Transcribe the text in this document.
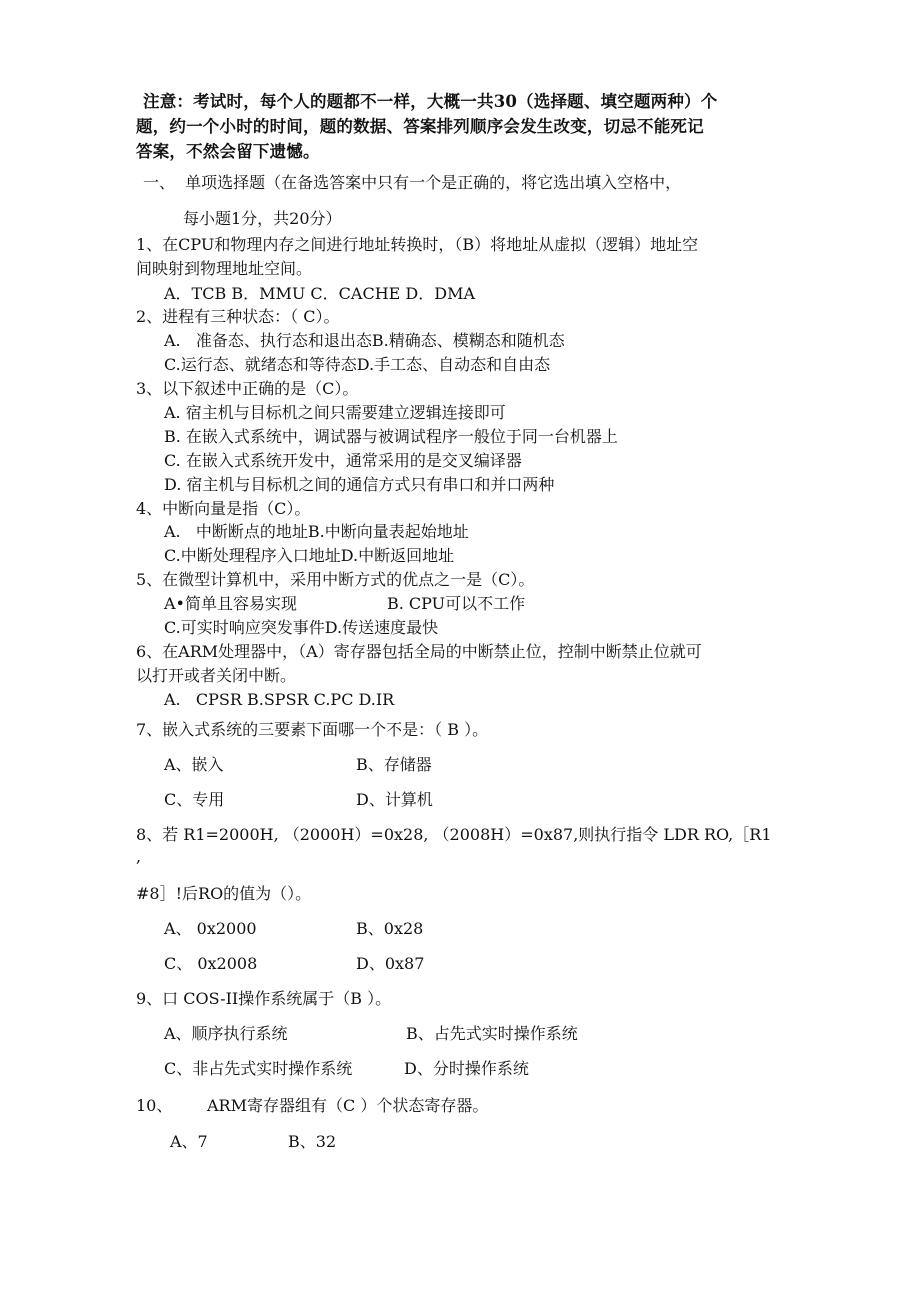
注意：考试时，每个人的题都不一样，大概一共30（选择题、填空题两种）个
题，约一个小时的时间，题的数据、答案排列顺序会发生改变，切忌不能死记
答案，不然会留下遗憾。
一、  单项选择题（在备选答案中只有一个是正确的，将它选出填入空格中，
每小题1分，共20分）
1、在CPU和物理内存之间进行地址转换时，（B）将地址从虚拟（逻辑）地址空
间映射到物理地址空间。
A．TCB B．MMU C．CACHE D．DMA
2、进程有三种状态：（ C）。
A.   准备态、执行态和退出态B.精确态、模糊态和随机态
C.运行态、就绪态和等待态D.手工态、自动态和自由态
3、以下叙述中正确的是（C）。
A. 宿主机与目标机之间只需要建立逻辑连接即可
B. 在嵌入式系统中，调试器与被调试程序一般位于同一台机器上
C. 在嵌入式系统开发中，通常采用的是交叉编译器
D. 宿主机与目标机之间的通信方式只有串口和并口两种
4、中断向量是指（C）。
A.   中断断点的地址B.中断向量表起始地址
C.中断处理程序入口地址D.中断返回地址
5、在微型计算机中，采用中断方式的优点之一是（C）。
A•简单且容易实现	B. CPU可以不工作
C.可实时响应突发事件D.传送速度最快
6、在ARM处理器中，（A）寄存器包括全局的中断禁止位，控制中断禁止位就可
以打开或者关闭中断。
A.   CPSR B.SPSR C.PC D.IR
7、嵌入式系统的三要素下面哪一个不是：（ B ）。
A、嵌入	B、存储器
C、专用	D、计算机
8、若 R1=2000H, （2000H）=0x28, （2008H）=0x87,则执行指令 LDR RO,［R1
,
#8］!后RO的值为（）。
A、 0x2000	B、0x28
C、 0x2008	D、0x87
9、口 COS-II操作系统属于（B ）。
A、顺序执行系统	B、占先式实时操作系统
C、非占先式实时操作系统	D、分时操作系统
10、 ARM寄存器组有（C ）个状态寄存器。
A、7	B、32
